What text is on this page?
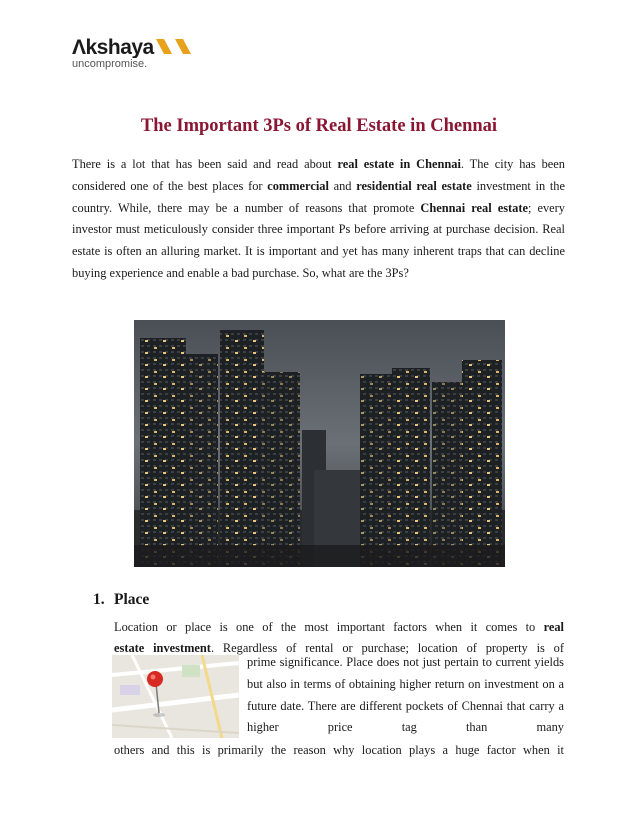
Λkshaya
uncompromise.
The Important 3Ps of Real Estate in Chennai

There is a lot that has been said and read about real estate in Chennai. The city has been considered one of the best places for commercial and residential real estate investment in the country. While, there may be a number of reasons that promote Chennai real estate; every investor must meticulously consider three important Ps before arriving at purchase decision. Real estate is often an alluring market. It is important and yet has many inherent traps that can decline buying experience and enable a bad purchase. So, what are the 3Ps?

1. Place

Location or place is one of the most important factors when it comes to real

estate investment. Regardless of rental or purchase; location of property is of

prime significance. Place does not just pertain to current yields but also in terms of obtaining higher return on investment on a future date. There are different pockets of Chennai that carry a higher price tag than many

others and this is primarily the reason why location plays a huge factor when it
